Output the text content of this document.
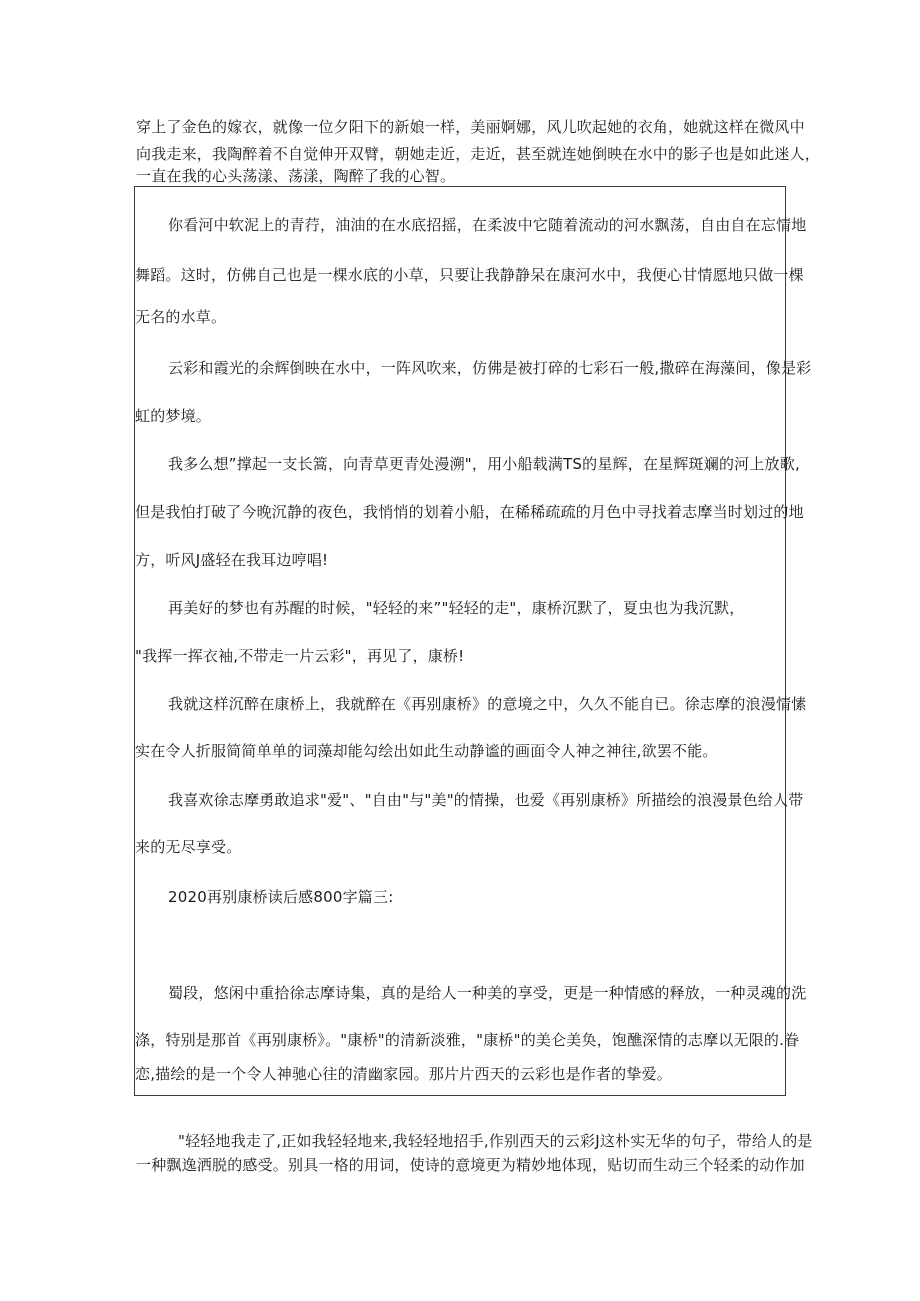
穿上了金色的嫁衣，就像一位夕阳下的新娘一样，美丽婀娜，风儿吹起她的衣角，她就这样在微风中

向我走来，我陶醉着不自觉伸开双臂，朝她走近，走近，甚至就连她倒映在水中的影子也是如此迷人，

一直在我的心头荡漾、荡漾，陶醉了我的心智。

你看河中软泥上的青荇，油油的在水底招摇，在柔波中它随着流动的河水飘荡，自由自在忘情地

舞蹈。这时，仿佛自己也是一棵水底的小草，只要让我静静呆在康河水中，我便心甘情愿地只做一棵

无名的水草。

云彩和霞光的余辉倒映在水中，一阵风吹来，仿佛是被打碎的七彩石一般,撒碎在海藻间，像是彩

虹的梦境。

我多么想”撑起一支长篙，向青草更青处漫溯"，用小船载满TS的星辉，在星辉斑斓的河上放歌,

但是我怕打破了今晚沉静的夜色，我悄悄的划着小船，在稀稀疏疏的月色中寻找着志摩当时划过的地

方，听风J盛轻在我耳边哼唱!

再美好的梦也有苏醒的时候，"轻轻的来”"轻轻的走"，康桥沉默了，夏虫也为我沉默，

"我挥一挥衣袖,不带走一片云彩"，再见了，康桥!

我就这样沉醉在康桥上，我就醉在《再别康桥》的意境之中，久久不能自已。徐志摩的浪漫情愫

实在令人折服简简单单的词藻却能勾绘出如此生动静谧的画面令人神之神往,欲罢不能。

我喜欢徐志摩勇敢追求"爱"、"自由"与"美"的情操，也爱《再别康桥》所描绘的浪漫景色给人带

来的无尽享受。

2020再别康桥读后感800字篇三:

蜀段，悠闲中重拾徐志摩诗集，真的是给人一种美的享受，更是一种情感的释放，一种灵魂的洗

涤，特别是那首《再别康桥》。"康桥"的清新淡雅，"康桥"的美仑美奂，饱醮深情的志摩以无限的.眷

恋,描绘的是一个令人神驰心往的清幽家园。那片片西天的云彩也是作者的挚爱。

"轻轻地我走了,正如我轻轻地来,我轻轻地招手,作别西天的云彩J这朴实无华的句子，带给人的是

一种飘逸洒脱的感受。别具一格的用词，使诗的意境更为精妙地体现，贴切而生动三个轻柔的动作加
